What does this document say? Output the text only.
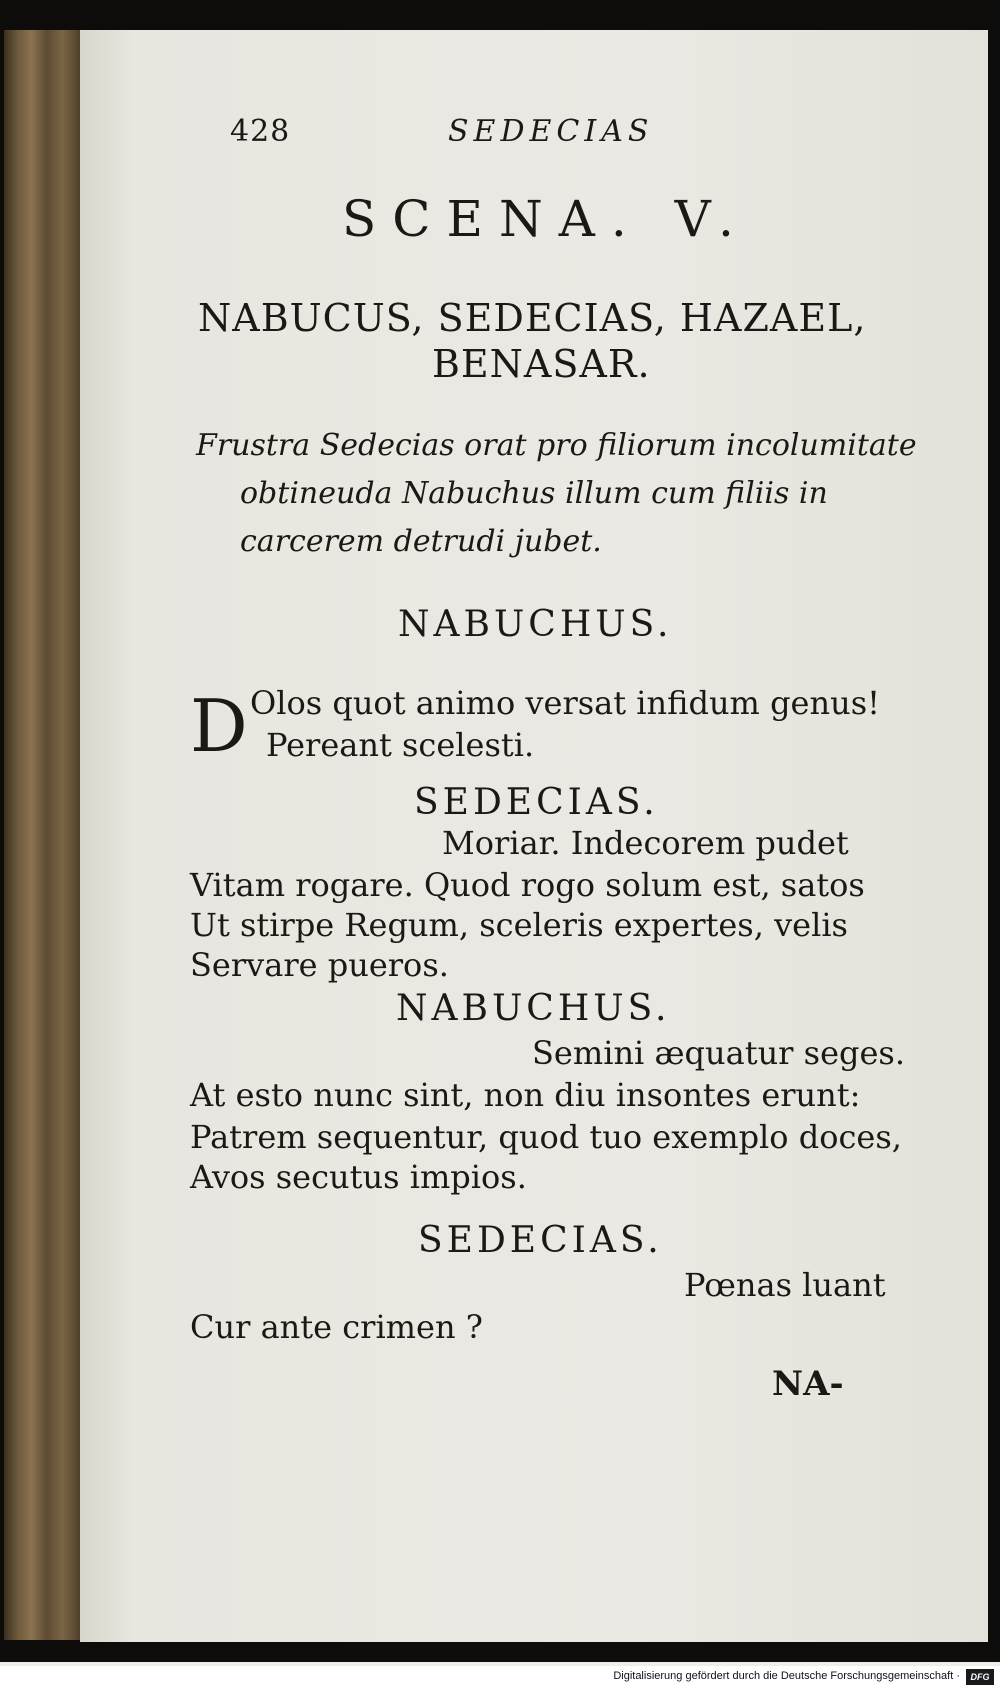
428	SEDECIAS
SCENA. V.
NABUCUS, SEDECIAS, HAZAEL,
BENASAR.
Frustra Sedecias orat pro filiorum incolumitate
obtineuda Nabuchus illum cum filiis in
carcerem detrudi jubet.
NABUCHUS.
D Olos quot animo versat infidum genus!
Pereant scelesti.
SEDECIAS.
Moriar. Indecorem pudet
Vitam rogare. Quod rogo solum est, satos
Ut stirpe Regum, sceleris expertes, velis
Servare pueros.
NABUCHUS.
Semini æquatur seges.
At esto nunc sint, non diu insontes erunt:
Patrem sequentur, quod tuo exemplo doces,
Avos secutus impios.
SEDECIAS.
Pœnas luant
Cur ante crimen ?
NA-
Digitalisierung gefördert durch die Deutsche Forschungsgemeinschaft ·	DFG
